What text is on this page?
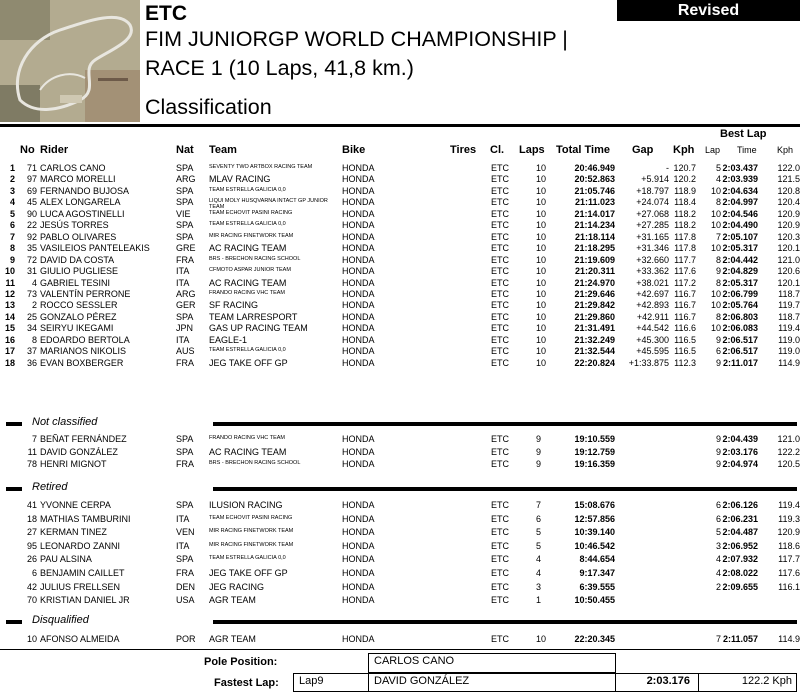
ETC	Revised
FIM JUNIORGP WORLD CHAMPIONSHIP |
RACE 1 (10 Laps, 41,8 km.)
Classification
Best Lap
No Rider	Nat Team	Bike	Tires Cl. Laps Total Time Gap Kph Lap Time Kph
1 71 CARLOS CANO	SPA	SEVENTY TWO ARTBOX RACING TEAM	HONDA	ETC	10	20:46.949	- 120.7 5 2:03.437 122.0
2 97 MARCO MORELLI	ARG MLAV RACING	HONDA	ETC	10	20:52.863	+5.914 120.2 4 2:03.939 121.5
3 69 FERNANDO BUJOSA	SPA	TEAM ESTRELLA GALICIA 0,0	HONDA	ETC	10	21:05.746 +18.797 118.9 10 2:04.634 120.8
4 45 ALEX LONGARELA	SPA	LIQUI MOLY HUSQVARNA INTACT GP JUNIOR TEAM	HONDA	ETC	10	21:11.023 +24.074 118.4 8 2:04.997 120.4
5 90 LUCA AGOSTINELLI	VIE	TEAM ECHOVIT PASINI RACING	HONDA	ETC	10	21:14.017 +27.068 118.2 10 2:04.546 120.9
6 22 JESÚS TORRES	SPA	TEAM ESTRELLA GALICIA 0,0	HONDA	ETC	10	21:14.234 +27.285 118.2 10 2:04.490 120.9
7 92 PABLO OLIVARES	SPA	MIR RACING FINETWORK TEAM	HONDA	ETC	10	21:18.114 +31.165 117.8 7 2:05.107 120.3
8 35 VASILEIOS PANTELEAKIS	GRE AC RACING TEAM	HONDA	ETC	10	21:18.295 +31.346 117.8 10 2:05.317 120.1
9 72 DAVID DA COSTA	FRA	BRS - BRECHON RACING SCHOOL	HONDA	ETC	10	21:19.609 +32.660 117.7 8 2:04.442 121.0
10 31 GIULIO PUGLIESE	ITA	CFMOTO ASPAR JUNIOR TEAM	HONDA	ETC	10	21:20.311 +33.362 117.6 9 2:04.829 120.6
11 4 GABRIEL TESINI	ITA AC RACING TEAM	HONDA	ETC	10	21:24.970 +38.021 117.2 8 2:05.317 120.1
12 73 VALENTÍN PERRONE	ARG FRANDO RACING VHC TEAM	HONDA	ETC	10	21:29.646 +42.697 116.7 10 2:06.799 118.7
13 2 ROCCO SESSLER	GER SF RACING	HONDA	ETC	10	21:29.842 +42.893 116.7 10 2:05.764 119.7
14 25 GONZALO PÉREZ	SPA TEAM LARRESPORT	HONDA	ETC	10	21:29.860 +42.911 116.7 8 2:06.803 118.7
15 34 SEIRYU IKEGAMI	JPN GAS UP RACING TEAM	HONDA	ETC	10	21:31.491 +44.542 116.6 10 2:06.083 119.4
16 8 EDOARDO BERTOLA	ITA EAGLE-1	HONDA	ETC	10	21:32.249 +45.300 116.5 9 2:06.517 119.0
17 37 MARIANOS NIKOLIS	AUS	TEAM ESTRELLA GALICIA 0,0	HONDA	ETC	10	21:32.544 +45.595 116.5 6 2:06.517 119.0
18 36 EVAN BOXBERGER	FRA JEG TAKE OFF GP	HONDA	ETC	10	22:20.824 +1:33.875 112.3 9 2:11.017 114.9
7 BEÑAT FERNÁNDEZ	SPA	FRANDO RACING VHC TEAM	HONDA	ETC	9	19:10.559	9 2:04.439 121.0
11 DAVID GONZÁLEZ	SPA AC RACING TEAM	HONDA	ETC	9	19:12.759	9 2:03.176 122.2
78 HENRI MIGNOT	FRA	BRS - BRECHON RACING SCHOOL	HONDA	ETC	9	19:16.359	9 2:04.974 120.5
41 YVONNE CERPA	SPA ILUSION RACING	HONDA	ETC	7	15:08.676	6 2:06.126 119.4
18 MATHIAS TAMBURINI	ITA	TEAM ECHOVIT PASINI RACING	HONDA	ETC	6	12:57.856	6 2:06.231 119.3
27 KERMAN TINEZ	VEN	MIR RACING FINETWORK TEAM	HONDA	ETC	5	10:39.140	5 2:04.487 120.9
95 LEONARDO ZANNI	ITA	MIR RACING FINETWORK TEAM	HONDA	ETC	5	10:46.542	3 2:06.952 118.6
26 PAU ALSINA	SPA	TEAM ESTRELLA GALICIA 0,0	HONDA	ETC	4	8:44.654	4 2:07.932 117.7
6 BENJAMIN CAILLET	FRA JEG TAKE OFF GP	HONDA	ETC	4	9:17.347	4 2:08.022 117.6
42 JULIUS FRELLSEN	DEN JEG RACING	HONDA	ETC	3	6:39.555	2 2:09.655 116.1
70 KRISTIAN DANIEL JR	USA AGR TEAM	HONDA	ETC	1	10:50.455
10 AFONSO ALMEIDA	POR AGR TEAM	HONDA	ETC	10	22:20.345	7 2:11.057 114.9
Not classified
Retired
Disqualified
Pole Position:	CARLOS CANO
Fastest Lap:	Lap9	DAVID GONZÁLEZ	2:03.176	122.2 Kph
